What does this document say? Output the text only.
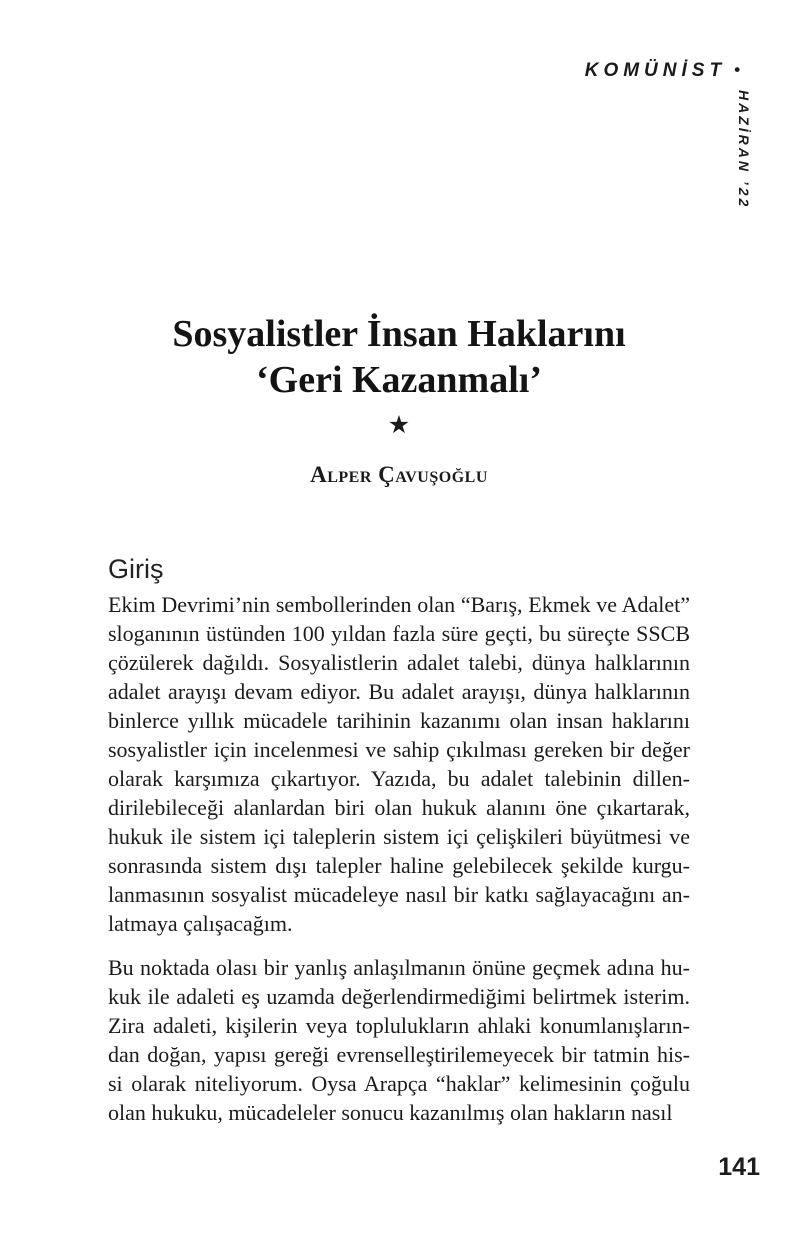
KOMÜNİST •
HAZİRAN ’22
Sosyalistler İnsan Haklarını
‘Geri Kazanmalı’
★
Alper Çavuşoğlu
Giriş
Ekim Devrimi’nin sembollerinden olan “Barış, Ekmek ve Adalet”
sloganının üstünden 100 yıldan fazla süre geçti, bu süreçte SSCB
çözülerek dağıldı. Sosyalistlerin adalet talebi, dünya halklarının
adalet arayışı devam ediyor. Bu adalet arayışı, dünya halklarının
binlerce yıllık mücadele tarihinin kazanımı olan insan haklarını
sosyalistler için incelenmesi ve sahip çıkılması gereken bir değer
olarak karşımıza çıkartıyor. Yazıda, bu adalet talebinin dillen-
dirilebileceği alanlardan biri olan hukuk alanını öne çıkartarak,
hukuk ile sistem içi taleplerin sistem içi çelişkileri büyütmesi ve
sonrasında sistem dışı talepler haline gelebilecek şekilde kurgu-
lanmasının sosyalist mücadeleye nasıl bir katkı sağlayacağını an-
latmaya çalışacağım.
Bu noktada olası bir yanlış anlaşılmanın önüne geçmek adına hu-
kuk ile adaleti eş uzamda değerlendirmediğimi belirtmek isterim.
Zira adaleti, kişilerin veya toplulukların ahlaki konumlanışların-
dan doğan, yapısı gereği evrenselleştirilemeyecek bir tatmin his-
si olarak niteliyorum. Oysa Arapça “haklar” kelimesinin çoğulu
olan hukuku, mücadeleler sonucu kazanılmış olan hakların nasıl
141
